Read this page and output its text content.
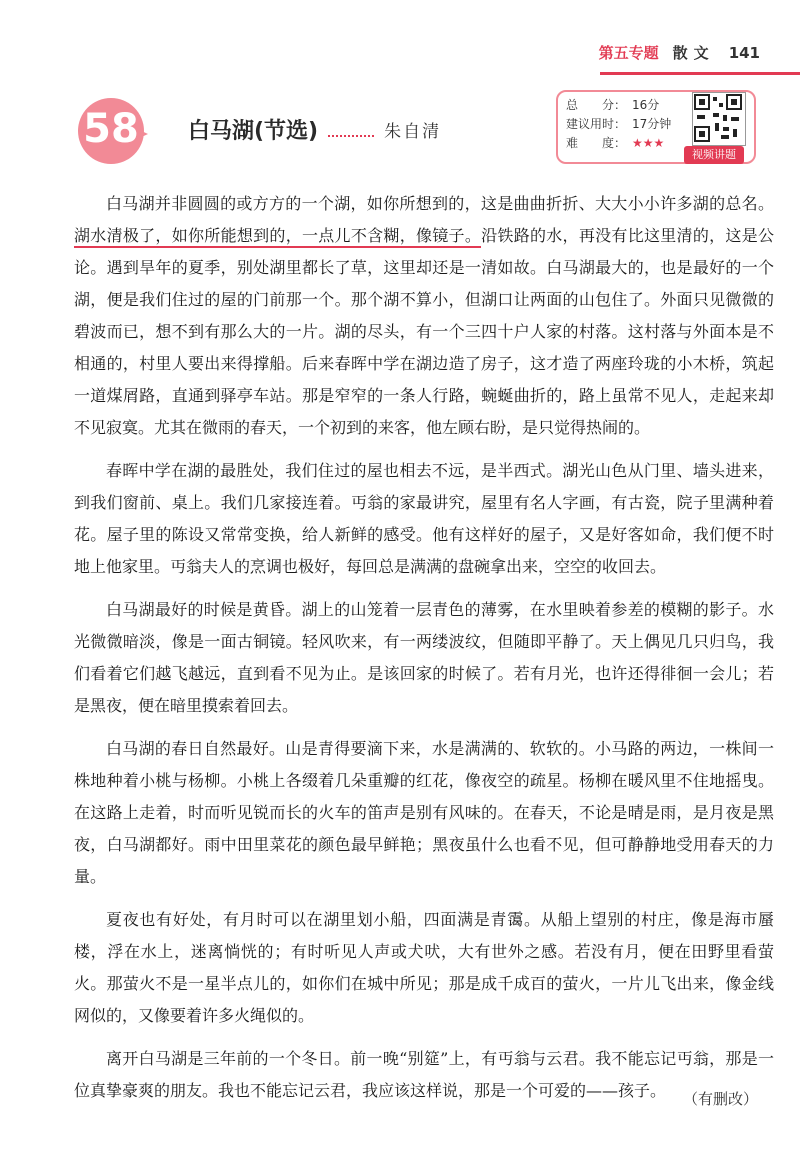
第五专题 散文 141
58 白马湖(节选)	朱自清
总　　分： 16分
建议用时： 17分钟
难　　度： ★★★
视频讲题

白马湖并非圆圆的或方方的一个湖，如你所想到的，这是曲曲折折、大大小小许多湖的总名。湖水清极了，如你所能想到的，一点儿不含糊，像镜子。沿铁路的水，再没有比这里清的，这是公论。遇到旱年的夏季，别处湖里都长了草，这里却还是一清如故。白马湖最大的，也是最好的一个湖，便是我们住过的屋的门前那一个。那个湖不算小，但湖口让两面的山包住了。外面只见微微的碧波而已，想不到有那么大的一片。湖的尽头，有一个三四十户人家的村落。这村落与外面本是不相通的，村里人要出来得撑船。后来春晖中学在湖边造了房子，这才造了两座玲珑的小木桥，筑起一道煤屑路，直通到驿亭车站。那是窄窄的一条人行路，蜿蜒曲折的，路上虽常不见人，走起来却不见寂寞。尤其在微雨的春天，一个初到的来客，他左顾右盼，是只觉得热闹的。

春晖中学在湖的最胜处，我们住过的屋也相去不远，是半西式。湖光山色从门里、墙头进来，到我们窗前、桌上。我们几家接连着。丏翁的家最讲究，屋里有名人字画，有古瓷，院子里满种着花。屋子里的陈设又常常变换，给人新鲜的感受。他有这样好的屋子，又是好客如命，我们便不时地上他家里。丏翁夫人的烹调也极好，每回总是满满的盘碗拿出来，空空的收回去。

白马湖最好的时候是黄昏。湖上的山笼着一层青色的薄雾，在水里映着参差的模糊的影子。水光微微暗淡，像是一面古铜镜。轻风吹来，有一两缕波纹，但随即平静了。天上偶见几只归鸟，我们看着它们越飞越远，直到看不见为止。是该回家的时候了。若有月光，也许还得徘徊一会儿；若是黑夜，便在暗里摸索着回去。

白马湖的春日自然最好。山是青得要滴下来，水是满满的、软软的。小马路的两边，一株间一株地种着小桃与杨柳。小桃上各缀着几朵重瓣的红花，像夜空的疏星。杨柳在暖风里不住地摇曳。在这路上走着，时而听见锐而长的火车的笛声是别有风味的。在春天，不论是晴是雨，是月夜是黑夜，白马湖都好。雨中田里菜花的颜色最早鲜艳；黑夜虽什么也看不见，但可静静地受用春天的力量。

夏夜也有好处，有月时可以在湖里划小船，四面满是青霭。从船上望别的村庄，像是海市蜃楼，浮在水上，迷离惝恍的；有时听见人声或犬吠，大有世外之感。若没有月，便在田野里看萤火。那萤火不是一星半点儿的，如你们在城中所见；那是成千成百的萤火，一片儿飞出来，像金线网似的，又像要着许多火绳似的。

离开白马湖是三年前的一个冬日。前一晚“别筵”上，有丏翁与云君。我不能忘记丏翁，那是一位真挚豪爽的朋友。我也不能忘记云君，我应该这样说，那是一个可爱的——孩子。	（有删改）
